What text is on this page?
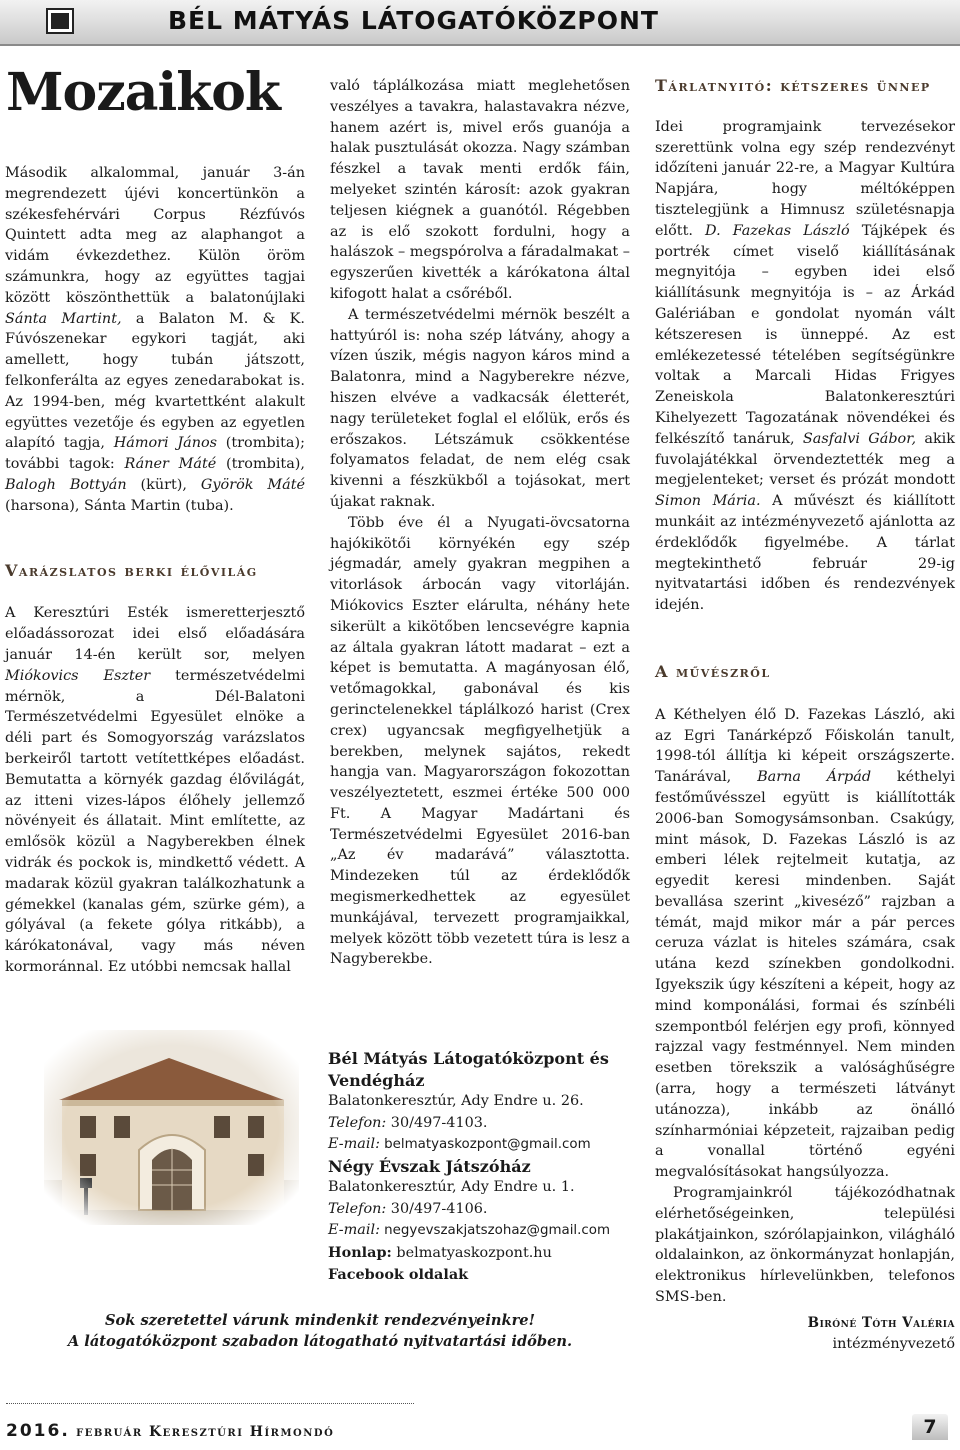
BÉL MÁTYÁS LÁTOGATÓKÖZPONT
Mozaikok

Második alkalommal, január 3-án megrendezett újévi koncertünkön a székesfehérvári Corpus Rézfúvós Quintett adta meg az alaphangot a vidám évkezdethez. Külön öröm számunkra, hogy az együttes tagjai között köszönthettük a balatonújlaki Sánta Martint, a Balaton M. & K. Fúvószenekar egykori tagját, aki amellett, hogy tubán játszott, felkonferálta az egyes zenedarabokat is. Az 1994-ben, még kvartettként alakult együttes vezetője és egyben az egyetlen alapító tagja, Hámori János (trombita); további tagok: Ráner Máté (trombita), Balogh Bottyán (kürt), Györök Máté (harsona), Sánta Martin (tuba).

Varázslatos berki élővilág

A Keresztúri Esték ismeretterjesztő előadássorozat idei első előadására január 14-én került sor, melyen Miókovics Eszter természetvédelmi mérnök, a Dél-Balatoni Természetvédelmi Egyesület elnöke a déli part és Somogyország varázslatos berkeiről tartott vetítettképes előadást. Bemutatta a környék gazdag élővilágát, az itteni vizes-lápos élőhely jellemző növényeit és állatait. Mint említette, az emlősök közül a Nagyberekben élnek vidrák és pockok is, mindkettő védett. A madarak közül gyakran találkozhatunk a gémekkel (kanalas gém, szürke gém), a gólyával (a fekete gólya ritkább), a kárókatonával, vagy más néven kormoránnal. Ez utóbbi nemcsak hallal

való táplálkozása miatt meglehetősen veszélyes a tavakra, halastavakra nézve, hanem azért is, mivel erős guanója a halak pusztulását okozza. Nagy számban fészkel a tavak menti erdők fáin, melyeket szintén károsít: azok gyakran teljesen kiégnek a guanótól. Régebben az is elő szokott fordulni, hogy a halászok – megspórolva a fáradalmakat – egyszerűen kivették a kárókatona által kifogott halat a csőréből.

A természetvédelmi mérnök beszélt a hattyúról is: noha szép látvány, ahogy a vízen úszik, mégis nagyon káros mind a Balatonra, mind a Nagyberekre nézve, hiszen elvéve a vadkacsák életterét, nagy területeket foglal el előlük, erős és erőszakos. Létszámuk csökkentése folyamatos feladat, de nem elég csak kivenni a fészkükből a tojásokat, mert újakat raknak.

Több éve él a Nyugati-övcsatorna hajókikötői környékén egy szép jégmadár, amely gyakran megpihen a vitorlások árbocán vagy vitorláján. Miókovics Eszter elárulta, néhány hete sikerült a kikötőben lencsevégre kapnia az általa gyakran látott madarat – ezt a képet is bemutatta. A magányosan élő, vetőmagokkal, gabonával és kis gerinctelenekkel táplálkozó harist (Crex crex) ugyancsak megfigyelhetjük a berekben, melynek sajátos, rekedt hangja van. Magyarországon fokozottan veszélyeztetett, eszmei értéke 500 000 Ft. A Magyar Madártani és Természetvédelmi Egyesület 2016-ban „Az év madarává” választotta. Mindezeken túl az érdeklődők megismerkedhettek az egyesület munkájával, tervezett programjaikkal, melyek között több vezetett túra is lesz a Nagyberekbe.

Tárlatnyitó: kétszeres ünnep

Idei programjaink tervezésekor szerettünk volna egy szép rendezvényt időzíteni január 22-re, a Magyar Kultúra Napjára, hogy méltóképpen tisztelegjünk a Himnusz születésnapja előtt. D. Fazekas László Tájképek és portrék címet viselő kiállításának megnyitója – egyben idei első kiállításunk megnyitója is – az Árkád Galériában e gondolat nyomán vált kétszeresen is ünneppé. Az est emlékezetessé tételében segítségünkre voltak a Marcali Hidas Frigyes Zeneiskola Balatonkeresztúri Kihelyezett Tagozatának növendékei és felkészítő tanáruk, Sasfalvi Gábor, akik fuvolajátékkal örvendeztették meg a megjelenteket; verset és prózát mondott Simon Mária. A művészt és kiállított munkáit az intézményvezető ajánlotta az érdeklődők figyelmébe. A tárlat megtekinthető február 29-ig nyitvatartási időben és rendezvények idején.

A művészről

A Kéthelyen élő D. Fazekas László, aki az Egri Tanárképző Főiskolán tanult, 1998-tól állítja ki képeit országszerte. Tanárával, Barna Árpád kéthelyi festőművésszel együtt is kiállították 2006-ban Somogysámsonban. Csakúgy, mint mások, D. Fazekas László is az emberi lélek rejtelmeit kutatja, az egyedit keresi mindenben. Saját bevallása szerint „kiveséző” rajzban a témát, majd mikor már a pár perces ceruza vázlat is hiteles számára, csak utána kezd színekben gondolkodni. Igyekszik úgy készíteni a képeit, hogy az mind komponálási, formai és színbéli szempontból felérjen egy profi, könnyed rajzzal vagy festménnyel. Nem minden esetben törekszik a valósághűségre (arra, hogy a természeti látványt utánozza), inkább az önálló színharmóniai képzeteit, rajzaiban pedig a vonallal történő egyéni megvalósításokat hangsúlyozza.

Programjainkról tájékozódhatnak elérhetőségeinken, települési plakátjainkon, szórólapjainkon, világháló oldalainkon, az önkormányzat honlapján, elektronikus hírlevelünkben, telefonos SMS-ben.

Biróné Tóth Valéria
intézményvezető
Bél Mátyás Látogatóközpont és Vendégház
Balatonkeresztúr, Ady Endre u. 26.
Telefon: 30/497-4103.
E-mail: belmatyaskozpont@gmail.com
Négy Évszak Játszóház
Balatonkeresztúr, Ady Endre u. 1.
Telefon: 30/497-4106.
E-mail: negyevszakjatszohaz@gmail.com
Honlap: belmatyaskozpont.hu
Facebook oldalak
Sok szeretettel várunk mindenkit rendezvényeinkre!
A látogatóközpont szabadon látogatható nyitvatartási időben.
2016. február Keresztúri Hírmondó	7
